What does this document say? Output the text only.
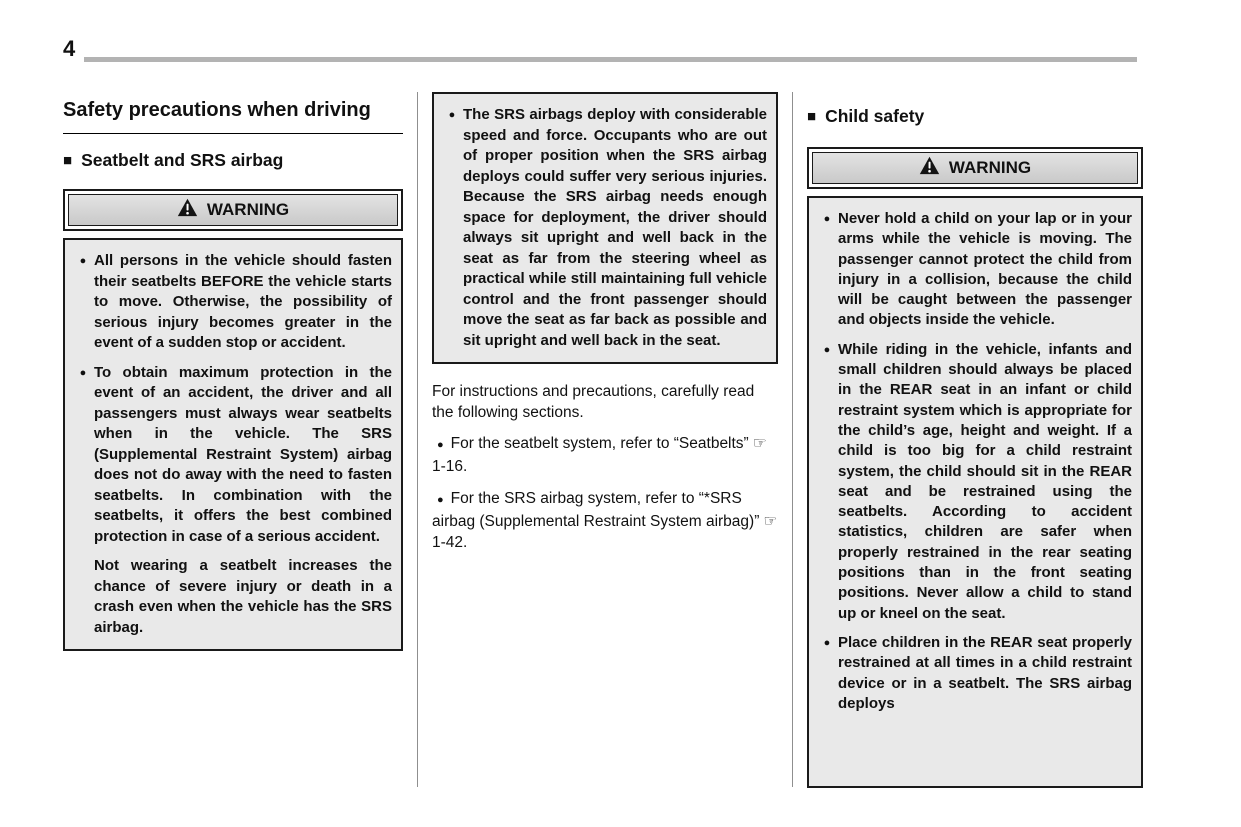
4
Safety precautions when driving
■ Seatbelt and SRS airbag
WARNING
● All persons in the vehicle should fasten their seatbelts BEFORE the vehicle starts to move. Otherwise, the possibility of serious injury becomes greater in the event of a sudden stop or accident.
● To obtain maximum protection in the event of an accident, the driver and all passengers must always wear seatbelts when in the vehicle. The SRS (Supplemental Restraint System) airbag does not do away with the need to fasten seatbelts. In combination with the seatbelts, it offers the best combined protection in case of a serious accident.
Not wearing a seatbelt increases the chance of severe injury or death in a crash even when the vehicle has the SRS airbag.
● The SRS airbags deploy with considerable speed and force. Occupants who are out of proper position when the SRS airbag deploys could suffer very serious injuries. Because the SRS airbag needs enough space for deployment, the driver should always sit upright and well back in the seat as far from the steering wheel as practical while still maintaining full vehicle control and the front passenger should move the seat as far back as possible and sit upright and well back in the seat.

For instructions and precautions, carefully read the following sections.

● For the seatbelt system, refer to “Seatbelts” ☞1-16.

● For the SRS airbag system, refer to “*SRS airbag (Supplemental Restraint System airbag)” ☞1-42.

■ Child safety
WARNING
● Never hold a child on your lap or in your arms while the vehicle is moving. The passenger cannot protect the child from injury in a collision, because the child will be caught between the passenger and objects inside the vehicle.
● While riding in the vehicle, infants and small children should always be placed in the REAR seat in an infant or child restraint system which is appropriate for the child’s age, height and weight. If a child is too big for a child restraint system, the child should sit in the REAR seat and be restrained using the seatbelts. According to accident statistics, children are safer when properly restrained in the rear seating positions than in the front seating positions. Never allow a child to stand up or kneel on the seat.
● Place children in the REAR seat properly restrained at all times in a child restraint device or in a seatbelt. The SRS airbag deploys
